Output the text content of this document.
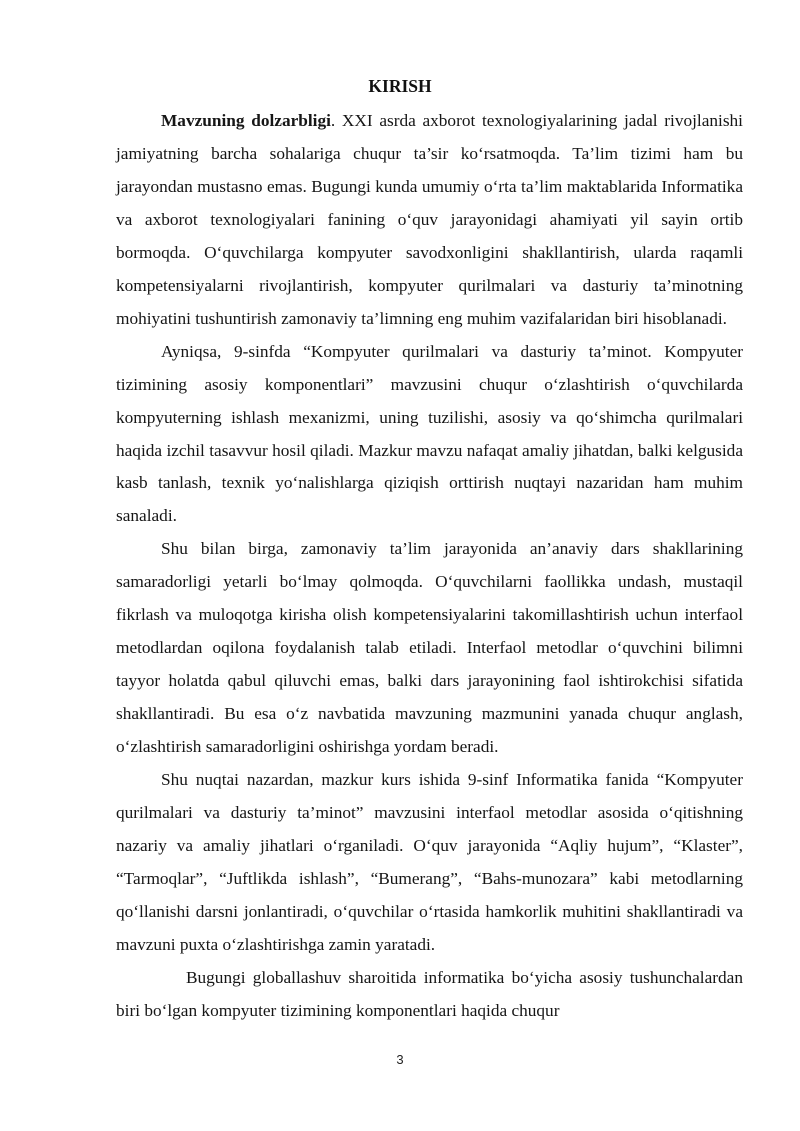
KIRISH

Mavzuning dolzarbligi. XXI asrda axborot texnologiyalarining jadal rivojlanishi jamiyatning barcha sohalariga chuqur ta’sir ko‘rsatmoqda. Ta’lim tizimi ham bu jarayondan mustasno emas. Bugungi kunda umumiy o‘rta ta’lim maktablarida Informatika va axborot texnologiyalari fanining o‘quv jarayonidagi ahamiyati yil sayin ortib bormoqda. O‘quvchilarga kompyuter savodxonligini shakllantirish, ularda raqamli kompetensiyalarni rivojlantirish, kompyuter qurilmalari va dasturiy ta’minotning mohiyatini tushuntirish zamonaviy ta’limning eng muhim vazifalaridan biri hisoblanadi.

Ayniqsa, 9-sinfda “Kompyuter qurilmalari va dasturiy ta’minot. Kompyuter tizimining asosiy komponentlari” mavzusini chuqur o‘zlashtirish o‘quvchilarda kompyuterning ishlash mexanizmi, uning tuzilishi, asosiy va qo‘shimcha qurilmalari haqida izchil tasavvur hosil qiladi. Mazkur mavzu nafaqat amaliy jihatdan, balki kelgusida kasb tanlash, texnik yo‘nalishlarga qiziqish orttirish nuqtayi nazaridan ham muhim sanaladi.

Shu bilan birga, zamonaviy ta’lim jarayonida an’anaviy dars shakllarining samaradorligi yetarli bo‘lmay qolmoqda. O‘quvchilarni faollikka undash, mustaqil fikrlash va muloqotga kirisha olish kompetensiyalarini takomillashtirish uchun interfaol metodlardan oqilona foydalanish talab etiladi. Interfaol metodlar o‘quvchini bilimni tayyor holatda qabul qiluvchi emas, balki dars jarayonining faol ishtirokchisi sifatida shakllantiradi. Bu esa o‘z navbatida mavzuning mazmunini yanada chuqur anglash, o‘zlashtirish samaradorligini oshirishga yordam beradi.

Shu nuqtai nazardan, mazkur kurs ishida 9-sinf Informatika fanida “Kompyuter qurilmalari va dasturiy ta’minot” mavzusini interfaol metodlar asosida o‘qitishning nazariy va amaliy jihatlari o‘rganiladi. O‘quv jarayonida “Aqliy hujum”, “Klaster”, “Tarmoqlar”, “Juftlikda ishlash”, “Bumerang”, “Bahs-munozara” kabi metodlarning qo‘llanishi darsni jonlantiradi, o‘quvchilar o‘rtasida hamkorlik muhitini shakllantiradi va mavzuni puxta o‘zlashtirishga zamin yaratadi.

Bugungi globallashuv sharoitida informatika bo‘yicha asosiy tushunchalardan biri bo‘lgan kompyuter tizimining komponentlari haqida chuqur

3
